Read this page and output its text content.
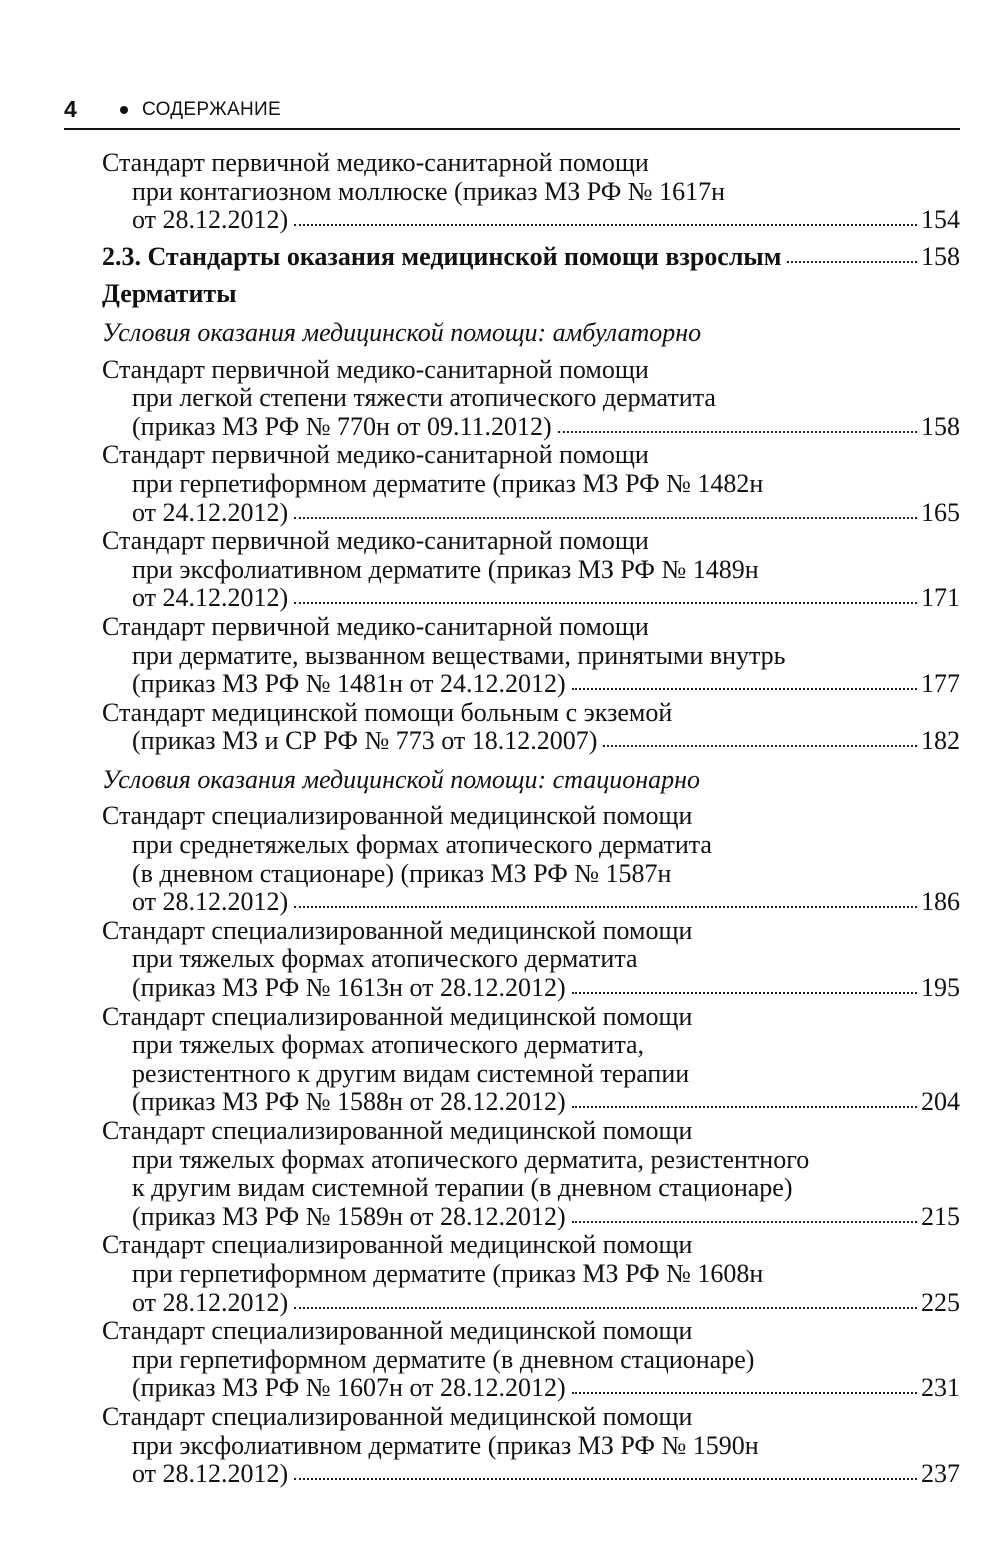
4	СОДЕРЖАНИЕ
Стандарт первичной медико-санитарной помощи
при контагиозном моллюске (приказ МЗ РФ № 1617н
от 28.12.2012)	154
2.3. Стандарты оказания медицинской помощи взрослым	158
Дерматиты
Условия оказания медицинской помощи: амбулаторно
Стандарт первичной медико-санитарной помощи
при легкой степени тяжести атопического дерматита
(приказ МЗ РФ № 770н от 09.11.2012)	158
Стандарт первичной медико-санитарной помощи
при герпетиформном дерматите (приказ МЗ РФ № 1482н
от 24.12.2012)	165
Стандарт первичной медико-санитарной помощи
при эксфолиативном дерматите (приказ МЗ РФ № 1489н
от 24.12.2012)	171
Стандарт первичной медико-санитарной помощи
при дерматите, вызванном веществами, принятыми внутрь
(приказ МЗ РФ № 1481н от 24.12.2012)	177
Стандарт медицинской помощи больным с экземой
(приказ МЗ и СР РФ № 773 от 18.12.2007)	182
Условия оказания медицинской помощи: стационарно
Стандарт специализированной медицинской помощи
при среднетяжелых формах атопического дерматита
(в дневном стационаре) (приказ МЗ РФ № 1587н
от 28.12.2012)	186
Стандарт специализированной медицинской помощи
при тяжелых формах атопического дерматита
(приказ МЗ РФ № 1613н от 28.12.2012)	195
Стандарт специализированной медицинской помощи
при тяжелых формах атопического дерматита,
резистентного к другим видам системной терапии
(приказ МЗ РФ № 1588н от 28.12.2012)	204
Стандарт специализированной медицинской помощи
при тяжелых формах атопического дерматита, резистентного
к другим видам системной терапии (в дневном стационаре)
(приказ МЗ РФ № 1589н от 28.12.2012)	215
Стандарт специализированной медицинской помощи
при герпетиформном дерматите (приказ МЗ РФ № 1608н
от 28.12.2012)	225
Стандарт специализированной медицинской помощи
при герпетиформном дерматите (в дневном стационаре)
(приказ МЗ РФ № 1607н от 28.12.2012)	231
Стандарт специализированной медицинской помощи
при эксфолиативном дерматите (приказ МЗ РФ № 1590н
от 28.12.2012)	237
